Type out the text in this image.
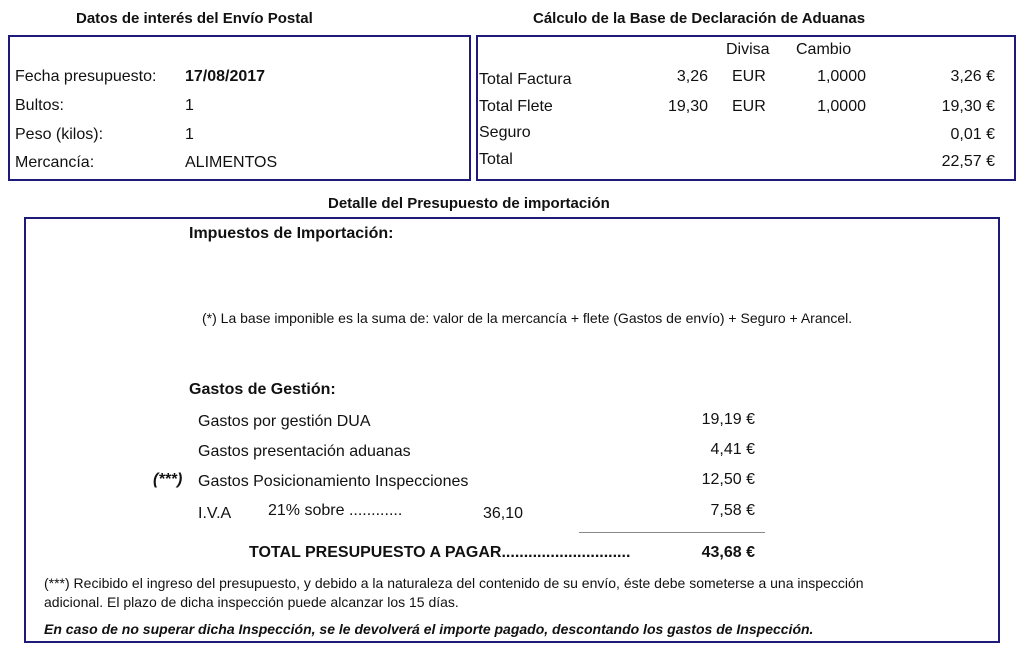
Datos de interés del Envío Postal
Fecha presupuesto: 17/08/2017
Bultos:	1
Peso (kilos):	1
Mercancía:	ALIMENTOS
Cálculo de la Base de Declaración de Aduanas
Divisa Cambio
Total Factura	3,26 EUR	1,0000	3,26 €
Total Flete	19,30 EUR	1,0000	19,30 €
Seguro	0,01 €
Total	22,57 €
Detalle del Presupuesto de importación
Impuestos de Importación:
(*) La base imponible es la suma de: valor de la mercancía + flete (Gastos de envío) + Seguro + Arancel.
Gastos de Gestión:
Gastos por gestión DUA	19,19 €
Gastos presentación aduanas	4,41 €
(***) Gastos Posicionamiento Inspecciones	12,50 €
I.V.A 21% sobre ............	36,10	7,58 €
TOTAL PRESUPUESTO A PAGAR.............................	43,68 €
(***) Recibido el ingreso del presupuesto, y debido a la naturaleza del contenido de su envío, éste debe someterse a una inspección
adicional. El plazo de dicha inspección puede alcanzar los 15 días.
En caso de no superar dicha Inspección, se le devolverá el importe pagado, descontando los gastos de Inspección.
